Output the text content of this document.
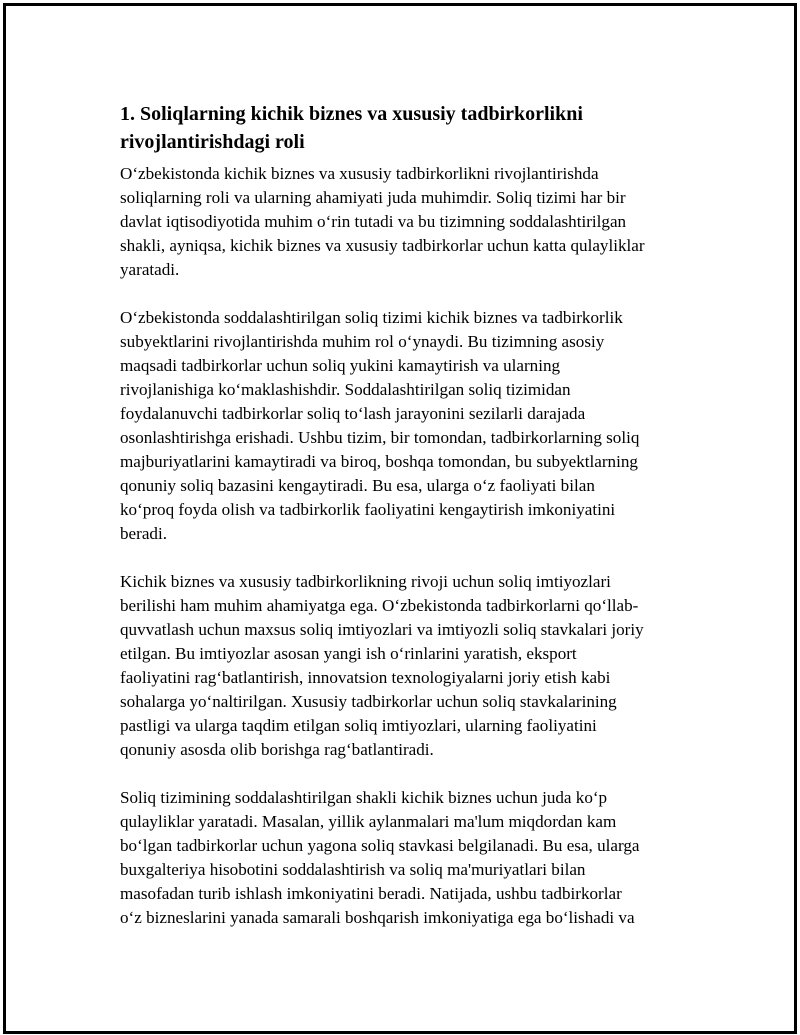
1. Soliqlarning kichik biznes va xususiy tadbirkorlikni rivojlantirishdagi roli

O‘zbekistonda kichik biznes va xususiy tadbirkorlikni rivojlantirishda
soliqlarning roli va ularning ahamiyati juda muhimdir. Soliq tizimi har bir
davlat iqtisodiyotida muhim o‘rin tutadi va bu tizimning soddalashtirilgan
shakli, ayniqsa, kichik biznes va xususiy tadbirkorlar uchun katta qulayliklar
yaratadi.

O‘zbekistonda soddalashtirilgan soliq tizimi kichik biznes va tadbirkorlik
subyektlarini rivojlantirishda muhim rol o‘ynaydi. Bu tizimning asosiy
maqsadi tadbirkorlar uchun soliq yukini kamaytirish va ularning
rivojlanishiga ko‘maklashishdir. Soddalashtirilgan soliq tizimidan
foydalanuvchi tadbirkorlar soliq to‘lash jarayonini sezilarli darajada
osonlashtirishga erishadi. Ushbu tizim, bir tomondan, tadbirkorlarning soliq
majburiyatlarini kamaytiradi va biroq, boshqa tomondan, bu subyektlarning
qonuniy soliq bazasini kengaytiradi. Bu esa, ularga o‘z faoliyati bilan
ko‘proq foyda olish va tadbirkorlik faoliyatini kengaytirish imkoniyatini
beradi.

Kichik biznes va xususiy tadbirkorlikning rivoji uchun soliq imtiyozlari
berilishi ham muhim ahamiyatga ega. O‘zbekistonda tadbirkorlarni qo‘llab-
quvvatlash uchun maxsus soliq imtiyozlari va imtiyozli soliq stavkalari joriy
etilgan. Bu imtiyozlar asosan yangi ish o‘rinlarini yaratish, eksport
faoliyatini rag‘batlantirish, innovatsion texnologiyalarni joriy etish kabi
sohalarga yo‘naltirilgan. Xususiy tadbirkorlar uchun soliq stavkalarining
pastligi va ularga taqdim etilgan soliq imtiyozlari, ularning faoliyatini
qonuniy asosda olib borishga rag‘batlantiradi.

Soliq tizimining soddalashtirilgan shakli kichik biznes uchun juda ko‘p
qulayliklar yaratadi. Masalan, yillik aylanmalari ma'lum miqdordan kam
bo‘lgan tadbirkorlar uchun yagona soliq stavkasi belgilanadi. Bu esa, ularga
buxgalteriya hisobotini soddalashtirish va soliq ma'muriyatlari bilan
masofadan turib ishlash imkoniyatini beradi. Natijada, ushbu tadbirkorlar
o‘z bizneslarini yanada samarali boshqarish imkoniyatiga ega bo‘lishadi va
